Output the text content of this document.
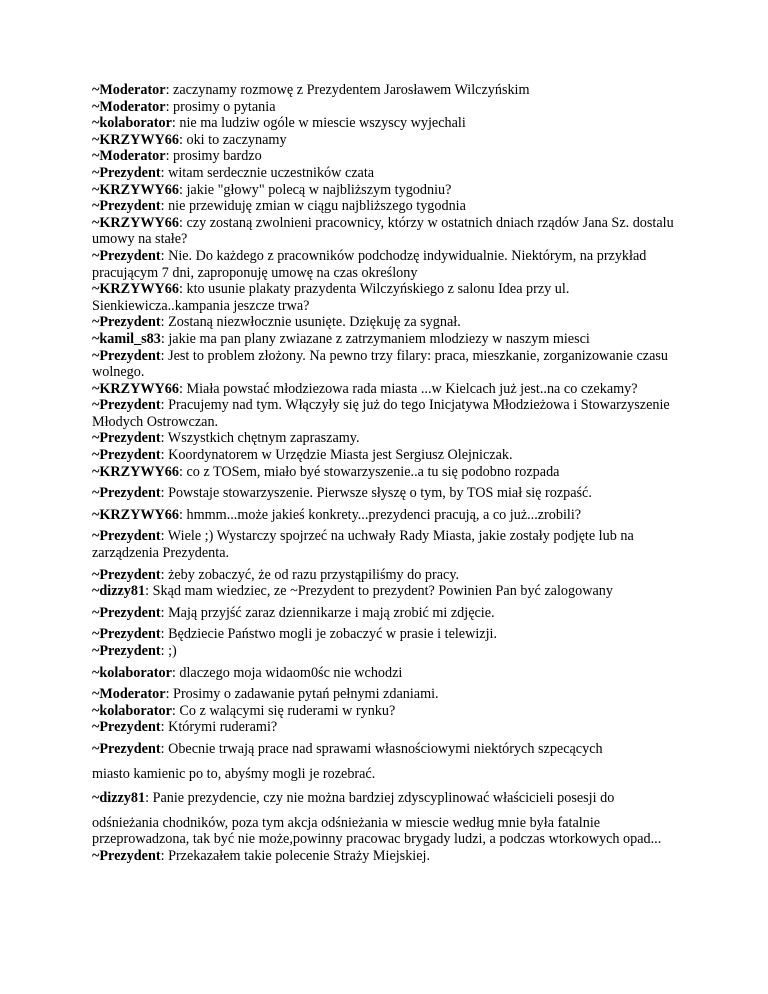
~Moderator: zaczynamy rozmowę z Prezydentem Jarosławem Wilczyńskim

~Moderator: prosimy o pytania

~kolaborator: nie ma ludziw ogóle w miescie wszyscy wyjechali

~KRZYWY66: oki to zaczynamy

~Moderator: prosimy bardzo

~Prezydent: witam serdecznie uczestników czata

~KRZYWY66: jakie "głowy" polecą w najbliższym tygodniu?

~Prezydent: nie przewiduję zmian w ciągu najbliższego tygodnia

~KRZYWY66: czy zostaną zwolnieni pracownicy, którzy w ostatnich dniach rządów Jana Sz. dostalu umowy na stałe?

~Prezydent: Nie. Do każdego z pracowników podchodzę indywidualnie. Niektórym, na przykład pracującym 7 dni, zaproponuję umowę na czas określony

~KRZYWY66: kto usunie plakaty prazydenta Wilczyńskiego z salonu Idea przy ul. Sienkiewicza..kampania jeszcze trwa?

~Prezydent: Zostaną niezwłocznie usunięte. Dziękuję za sygnał.

~kamil_s83: jakie ma pan plany zwiazane z zatrzymaniem mlodziezy w naszym miesci

~Prezydent: Jest to problem złożony. Na pewno trzy filary: praca, mieszkanie, zorganizowanie czasu wolnego.

~KRZYWY66: Miała powstać młodziezowa rada miasta ...w Kielcach już jest..na co czekamy?

~Prezydent: Pracujemy nad tym. Włączyły się już do tego Inicjatywa Młodzieżowa i Stowarzyszenie Młodych Ostrowczan.

~Prezydent: Wszystkich chętnym zapraszamy.

~Prezydent: Koordynatorem w Urzędzie Miasta jest Sergiusz Olejniczak.

~KRZYWY66: co z TOSem, miało byé stowarzyszenie..a tu się podobno rozpada

~Prezydent: Powstaje stowarzyszenie. Pierwsze słyszę o tym, by TOS miał się rozpaść.

~KRZYWY66: hmmm...może jakieś konkrety...prezydenci pracują, a co już...zrobili?

~Prezydent: Wiele ;) Wystarczy spojrzeć na uchwały Rady Miasta, jakie zostały podjęte lub na zarządzenia Prezydenta.

~Prezydent: żeby zobaczyć, że od razu przystąpiliśmy do pracy.

~dizzy81: Skąd mam wiedziec, ze ~Prezydent to prezydent? Powinien Pan być zalogowany

~Prezydent: Mają przyjść zaraz dziennikarze i mają zrobić mi zdjęcie.

~Prezydent: Będziecie Państwo mogli je zobaczyć w prasie i telewizji.

~Prezydent: ;)

~kolaborator: dlaczego moja widaom0śc nie wchodzi

~Moderator: Prosimy o zadawanie pytań pełnymi zdaniami.

~kolaborator: Co z walącymi się ruderami w rynku?

~Prezydent: Którymi ruderami?

~Prezydent: Obecnie trwają prace nad sprawami własnościowymi niektórych szpecących

miasto kamienic po to, abyśmy mogli je rozebrać.

~dizzy81: Panie prezydencie, czy nie można bardziej zdyscyplinować właścicieli posesji do

odśnieżania chodników, poza tym akcja odśnieżania w miescie według mnie była fatalnie przeprowadzona, tak być nie może,powinny pracowac brygady ludzi, a podczas wtorkowych opad...

~Prezydent: Przekazałem takie polecenie Straży Miejskiej.
